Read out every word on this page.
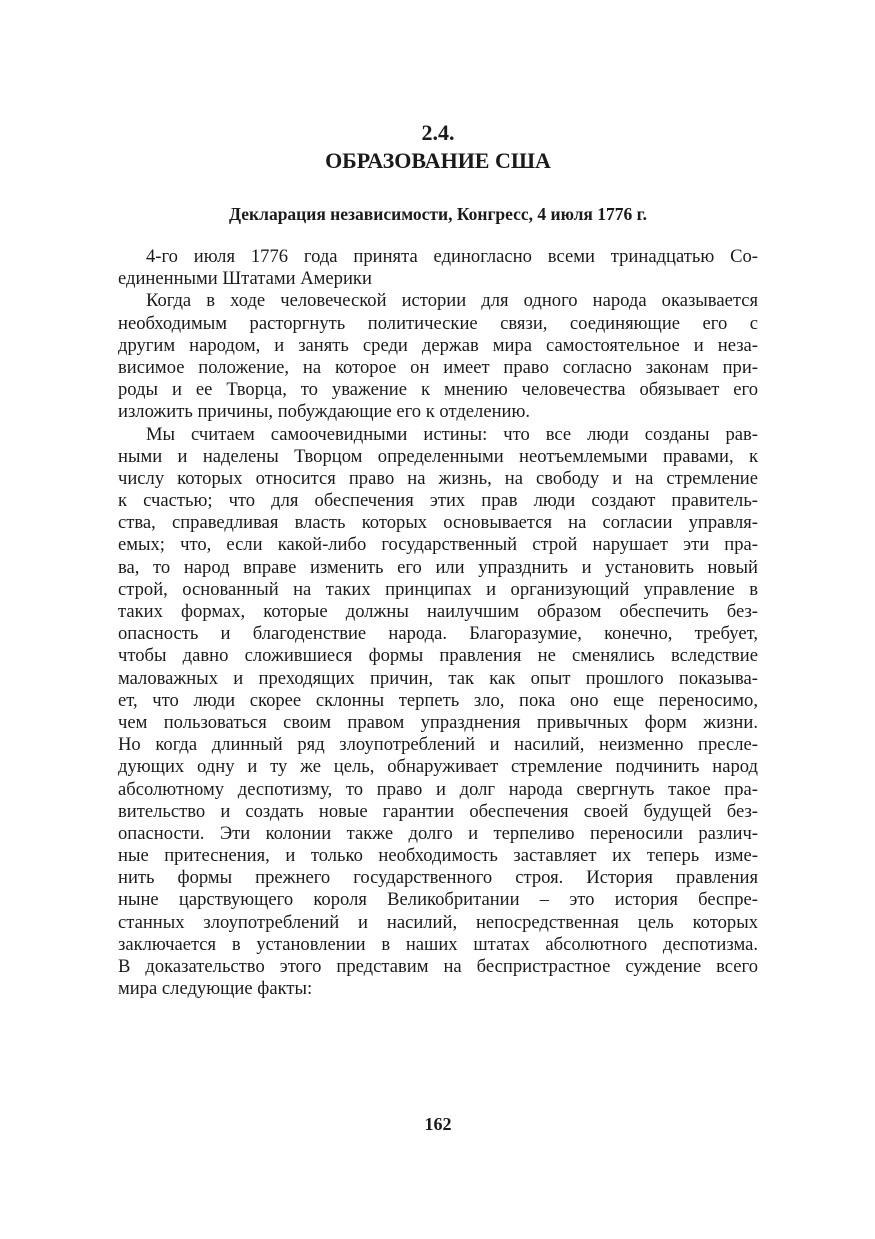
2.4.
ОБРАЗОВАНИЕ США
Декларация независимости, Конгресс, 4 июля 1776 г.
4-го июля 1776 года принята единогласно всеми тринадцатью Со-
единенными Штатами Америки
Когда в ходе человеческой истории для одного народа оказывается
необходимым расторгнуть политические связи, соединяющие его с
другим народом, и занять среди держав мира самостоятельное и неза-
висимое положение, на которое он имеет право согласно законам при-
роды и ее Творца, то уважение к мнению человечества обязывает его
изложить причины, побуждающие его к отделению.
Мы считаем самоочевидными истины: что все люди созданы рав-
ными и наделены Творцом определенными неотъемлемыми правами, к
числу которых относится право на жизнь, на свободу и на стремление
к счастью; что для обеспечения этих прав люди создают правитель-
ства, справедливая власть которых основывается на согласии управля-
емых; что, если какой-либо государственный строй нарушает эти пра-
ва, то народ вправе изменить его или упразднить и установить новый
строй, основанный на таких принципах и организующий управление в
таких формах, которые должны наилучшим образом обеспечить без-
опасность и благоденствие народа. Благоразумие, конечно, требует,
чтобы давно сложившиеся формы правления не сменялись вследствие
маловажных и преходящих причин, так как опыт прошлого показыва-
ет, что люди скорее склонны терпеть зло, пока оно еще переносимо,
чем пользоваться своим правом упразднения привычных форм жизни.
Но когда длинный ряд злоупотреблений и насилий, неизменно пресле-
дующих одну и ту же цель, обнаруживает стремление подчинить народ
абсолютному деспотизму, то право и долг народа свергнуть такое пра-
вительство и создать новые гарантии обеспечения своей будущей без-
опасности. Эти колонии также долго и терпеливо переносили различ-
ные притеснения, и только необходимость заставляет их теперь изме-
нить формы прежнего государственного строя. История правления
ныне царствующего короля Великобритании – это история беспре-
станных злоупотреблений и насилий, непосредственная цель которых
заключается в установлении в наших штатах абсолютного деспотизма.
В доказательство этого представим на беспристрастное суждение всего
мира следующие факты:
162
